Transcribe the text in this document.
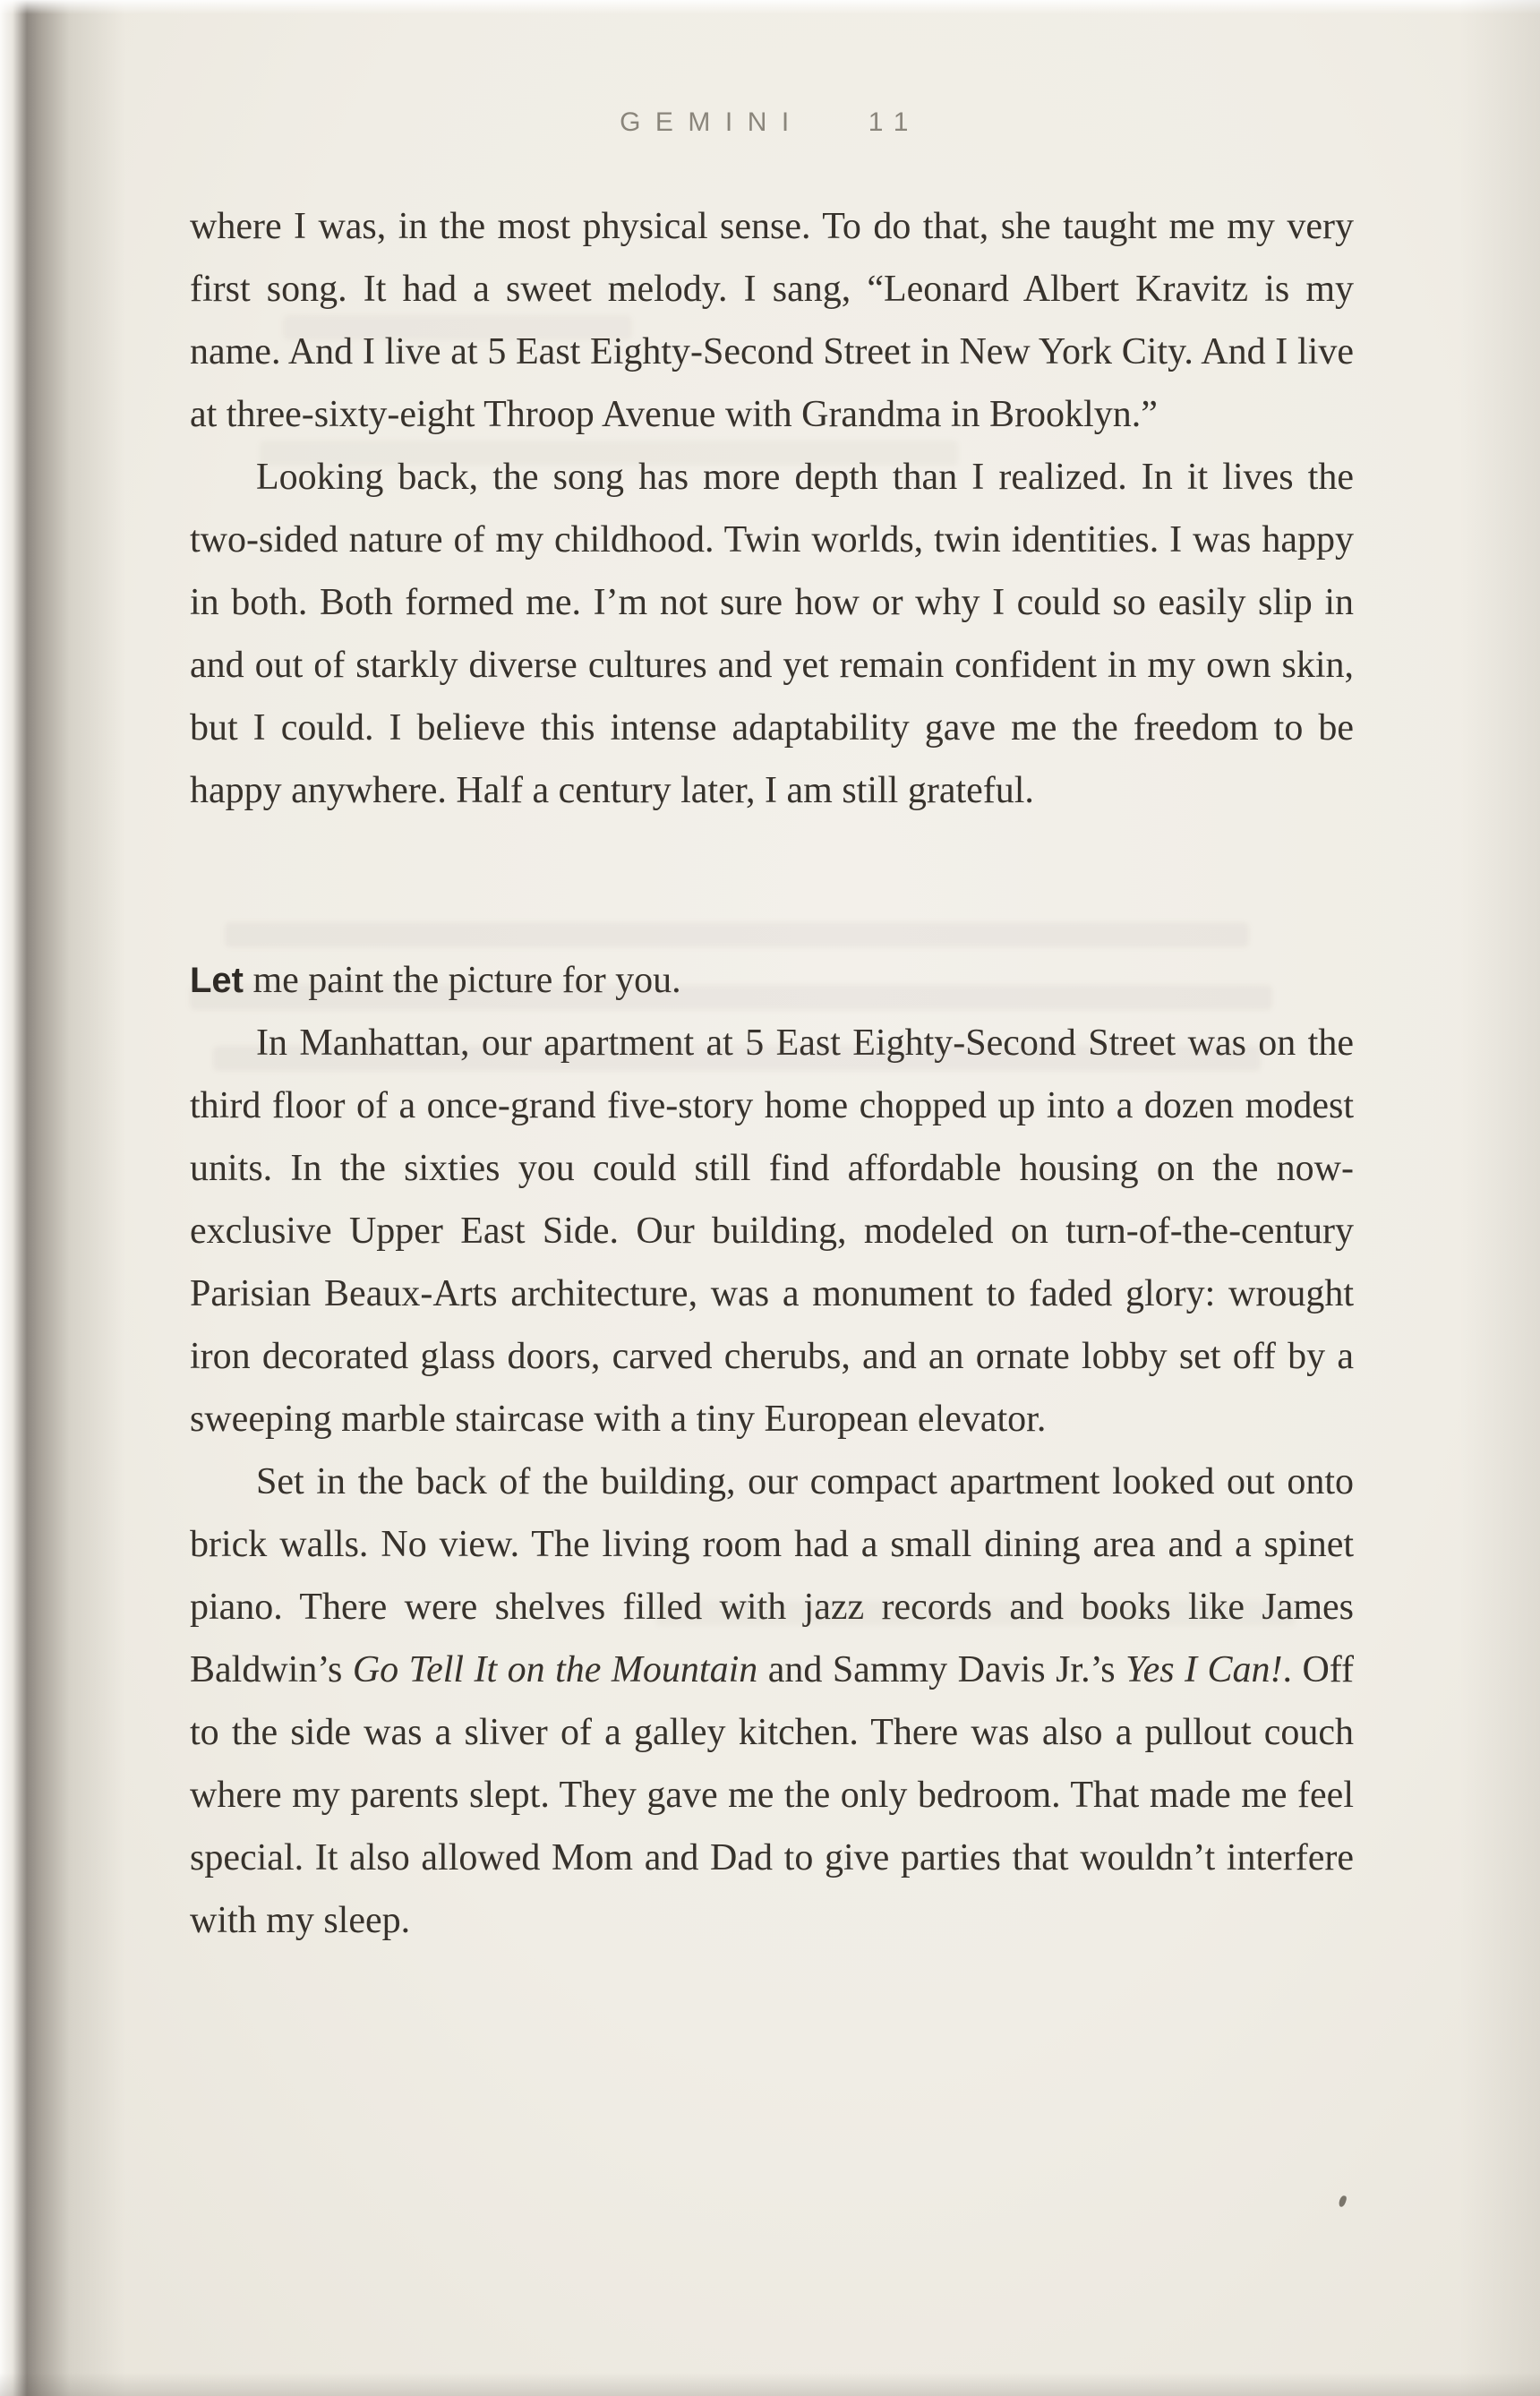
GEMINI 11

where I was, in the most physical sense. To do that, she taught me my very first song. It had a sweet melody. I sang, “Leonard Albert Kravitz is my name. And I live at 5 East Eighty-Second Street in New York City. And I live at three-sixty-eight Throop Avenue with Grandma in Brooklyn.”

Looking back, the song has more depth than I realized. In it lives the two-sided nature of my childhood. Twin worlds, twin identities. I was happy in both. Both formed me. I’m not sure how or why I could so easily slip in and out of starkly diverse cultures and yet remain confident in my own skin, but I could. I believe this intense adaptability gave me the freedom to be happy anywhere. Half a century later, I am still grateful.

Let me paint the picture for you.

In Manhattan, our apartment at 5 East Eighty-Second Street was on the third floor of a once-grand five-story home chopped up into a dozen modest units. In the sixties you could still find affordable housing on the now-exclusive Upper East Side. Our building, modeled on turn-of-the-century Parisian Beaux-Arts architecture, was a monument to faded glory: wrought iron decorated glass doors, carved cherubs, and an ornate lobby set off by a sweeping marble staircase with a tiny European elevator.

Set in the back of the building, our compact apartment looked out onto brick walls. No view. The living room had a small dining area and a spinet piano. There were shelves filled with jazz records and books like James Baldwin’s Go Tell It on the Mountain and Sammy Davis Jr.’s Yes I Can!. Off to the side was a sliver of a galley kitchen. There was also a pullout couch where my parents slept. They gave me the only bedroom. That made me feel special. It also allowed Mom and Dad to give parties that wouldn’t interfere with my sleep.
